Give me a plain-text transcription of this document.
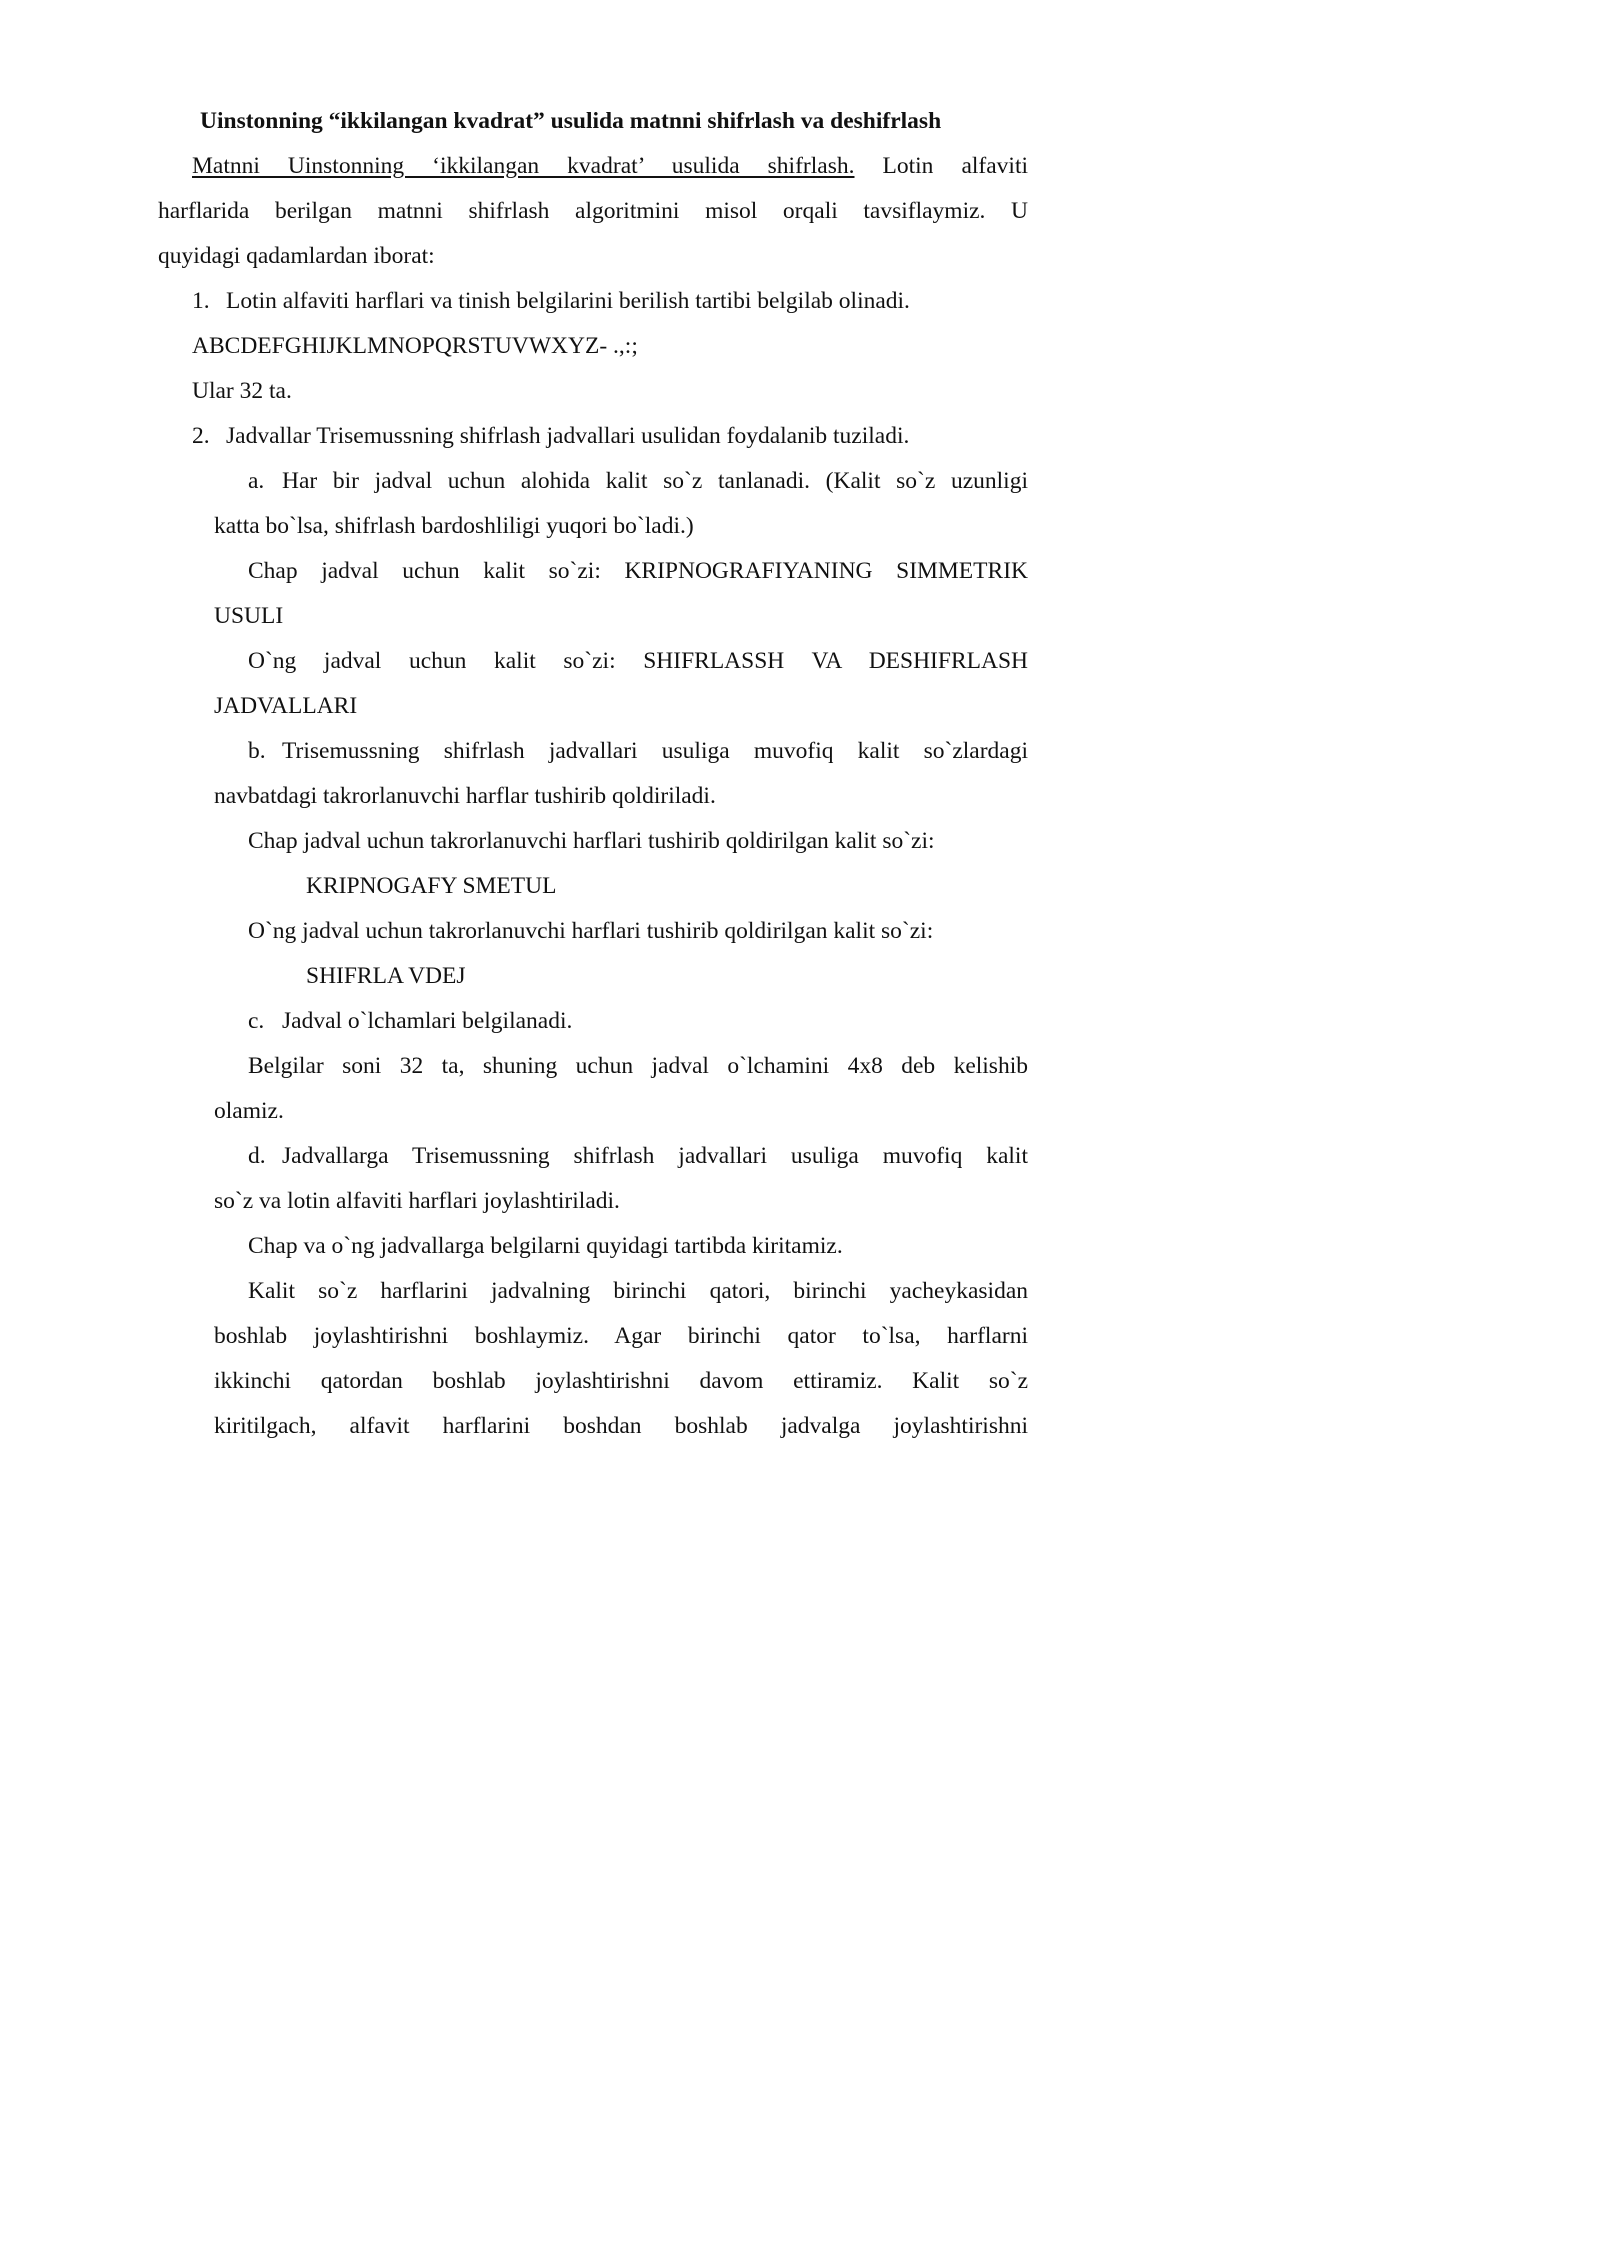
Uinstonning “ikkilangan kvadrat” usulida matnni shifrlash va deshifrlash
Matnni Uinstonning ‘ikkilangan kvadrat’ usulida shifrlash. Lotin alfaviti
harflarida berilgan matnni shifrlash algoritmini misol orqali tavsiflaymiz. U
quyidagi qadamlardan iborat:
1. Lotin alfaviti harflari va tinish belgilarini berilish tartibi belgilab olinadi.
ABCDEFGHIJKLMNOPQRSTUVWXYZ- .,:;
Ular 32 ta.
2. Jadvallar Trisemussning shifrlash jadvallari usulidan foydalanib tuziladi.
a. Har bir jadval uchun alohida kalit so`z tanlanadi. (Kalit so`z uzunligi
katta bo`lsa, shifrlash bardoshliligi yuqori bo`ladi.)
Chap jadval uchun kalit so`zi: KRIPNOGRAFIYANING SIMMETRIK
USULI
O`ng jadval uchun kalit so`zi: SHIFRLASSH VA DESHIFRLASH
JADVALLARI
b. Trisemussning shifrlash jadvallari usuliga muvofiq kalit so`zlardagi
navbatdagi takrorlanuvchi harflar tushirib qoldiriladi.
Chap jadval uchun takrorlanuvchi harflari tushirib qoldirilgan kalit so`zi:
KRIPNOGAFY SMETUL
O`ng jadval uchun takrorlanuvchi harflari tushirib qoldirilgan kalit so`zi:
SHIFRLA VDEJ
c. Jadval o`lchamlari belgilanadi.
Belgilar soni 32 ta, shuning uchun jadval o`lchamini 4x8 deb kelishib
olamiz.
d. Jadvallarga Trisemussning shifrlash jadvallari usuliga muvofiq kalit
so`z va lotin alfaviti harflari joylashtiriladi.
Chap va o`ng jadvallarga belgilarni quyidagi tartibda kiritamiz.
Kalit so`z harflarini jadvalning birinchi qatori, birinchi yacheykasidan
boshlab joylashtirishni boshlaymiz. Agar birinchi qator to`lsa, harflarni
ikkinchi qatordan boshlab joylashtirishni davom ettiramiz. Kalit so`z
kiritilgach, alfavit harflarini boshdan boshlab jadvalga joylashtirishni
